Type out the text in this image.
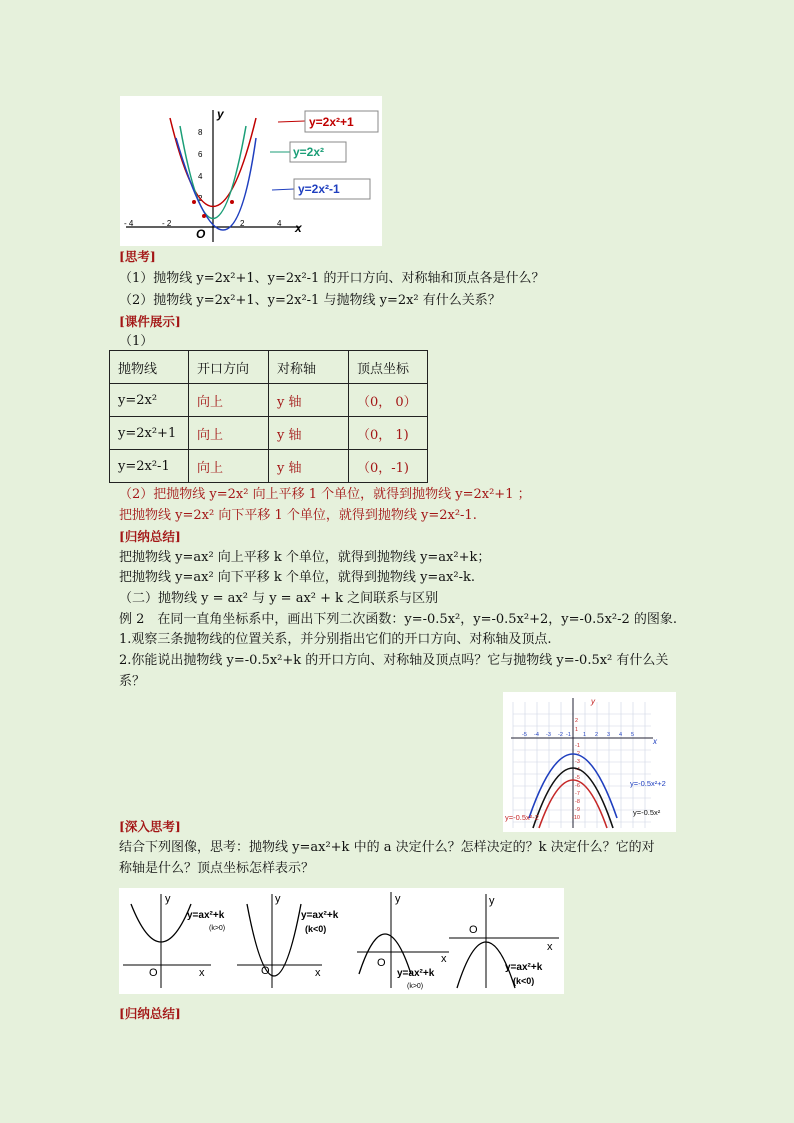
y
x
O
8
6
4
2
- 4	- 2	2	4
y=2x²+1
y=2x²
y=2x²-1
[思考]
（1）抛物线 y=2x²+1、y=2x²-1 的开口方向、对称轴和顶点各是什么？
（2）抛物线 y=2x²+1、y=2x²-1 与抛物线 y=2x² 有什么关系？
[课件展示]
（1）
抛物线	开口方向	对称轴	顶点坐标
y=2x²	向上	y 轴	（0， 0）
y=2x²+1	向上	y 轴	（0， 1)
y=2x²-1	向上	y 轴	（0，-1)
（2）把抛物线 y=2x² 向上平移 1 个单位，就得到抛物线 y=2x²+1 ；
把抛物线 y=2x² 向下平移 1 个单位，就得到抛物线 y=2x²-1.
[归纳总结]
把抛物线 y=ax² 向上平移 k 个单位，就得到抛物线 y=ax²+k；
把抛物线 y=ax² 向下平移 k 个单位，就得到抛物线 y=ax²-k.
（二）抛物线 y = ax² 与 y = ax² + k 之间联系与区别
例 2　在同一直角坐标系中，画出下列二次函数：y=-0.5x²，y=-0.5x²+2，y=-0.5x²-2 的图象.
1.观察三条抛物线的位置关系，并分别指出它们的开口方向、对称轴及顶点.
2.你能说出抛物线 y=-0.5x²+k 的开口方向、对称轴及顶点吗？它与抛物线 y=-0.5x² 有什么关
系？
x
y
-5 -4 -3 -2 -1 1 2 3 4 5
2
1
-1
-2
-3
-4
-5
-6
-7
-8
-9
-10
y=-0.5x²+2
y=-0.5x²
y=-0.5x²-2
[深入思考]
结合下列图像，思考：抛物线 y=ax²+k 中的 a 决定什么？怎样决定的？k 决定什么？它的对
称轴是什么？顶点坐标怎样表示？
y
x
O
y=ax²+k
(k>0)
y
x
O
y=ax²+k
(k<0)
y
x
O
y=ax²+k
(k>0)
y
x
O
y=ax²+k
(k<0)
[归纳总结]
